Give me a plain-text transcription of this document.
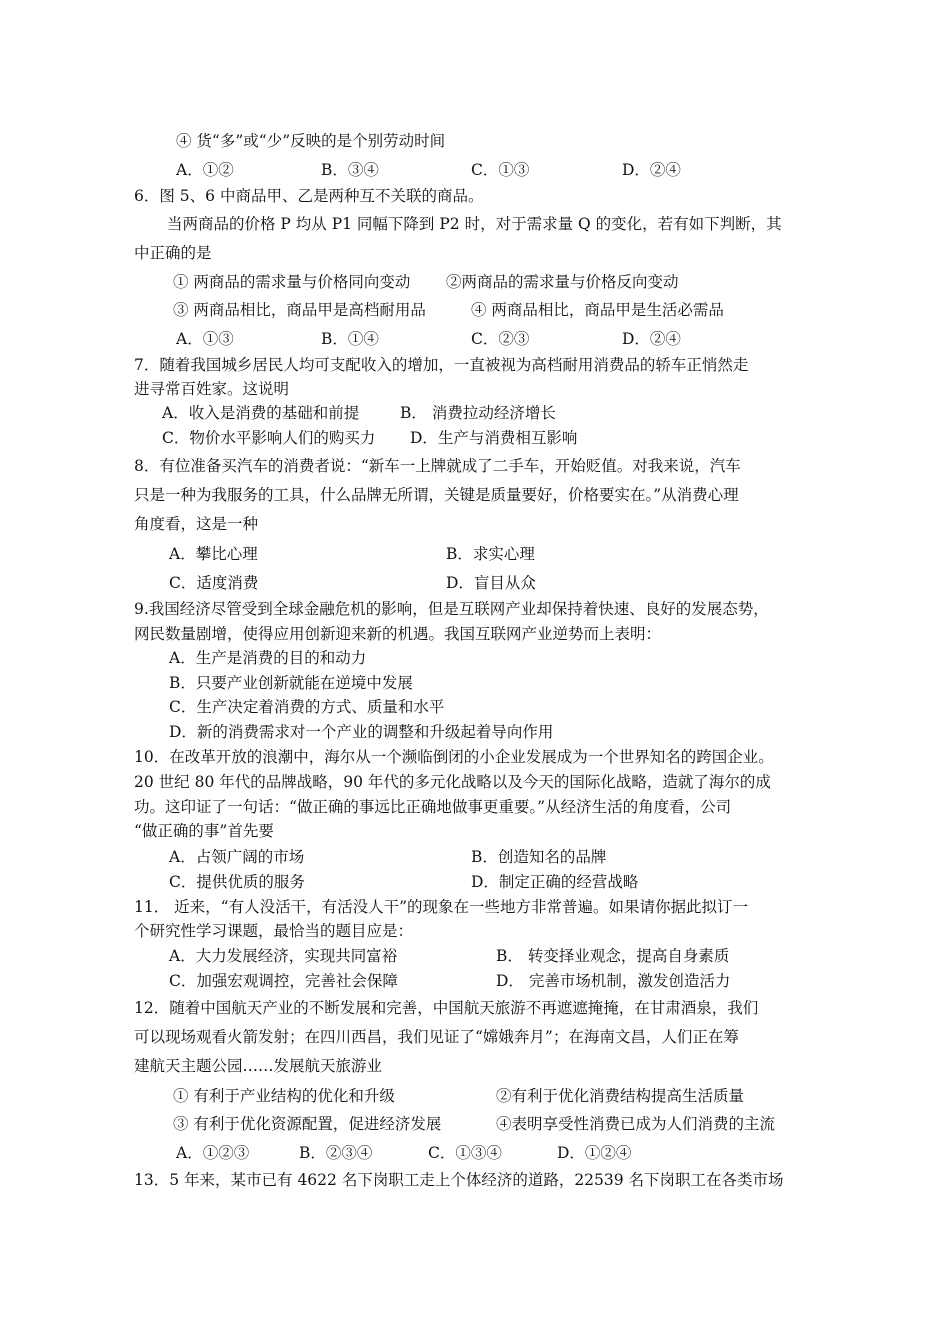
④ 货“多”或“少”反映的是个别劳动时间
A．①②	B．③④	C．①③	D．②④
6．图 5、6 中商品甲、乙是两种互不关联的商品。
当两商品的价格 P 均从 P1 同幅下降到 P2 时，对于需求量 Q 的变化，若有如下判断，其
中正确的是
① 两商品的需求量与价格同向变动 ②两商品的需求量与价格反向变动
③ 两商品相比，商品甲是高档耐用品	④ 两商品相比，商品甲是生活必需品
A．①③	B．①④	C．②③	D．②④
7．随着我国城乡居民人均可支配收入的增加，一直被视为高档耐用消费品的轿车正悄然走
进寻常百姓家。这说明
A．收入是消费的基础和前提	B． 消费拉动经济增长
C．物价水平影响人们的购买力 D．生产与消费相互影响
8．有位准备买汽车的消费者说：“新车一上牌就成了二手车，开始贬值。对我来说，汽车
只是一种为我服务的工具，什么品牌无所谓，关键是质量要好，价格要实在。”从消费心理
角度看，这是一种
A．攀比心理	B．求实心理
C．适度消费	D．盲目从众
9.我国经济尽管受到全球金融危机的影响，但是互联网产业却保持着快速、良好的发展态势，
网民数量剧增，使得应用创新迎来新的机遇。我国互联网产业逆势而上表明：
A．生产是消费的目的和动力
B．只要产业创新就能在逆境中发展
C．生产决定着消费的方式、质量和水平
D．新的消费需求对一个产业的调整和升级起着导向作用
10．在改革开放的浪潮中，海尔从一个濒临倒闭的小企业发展成为一个世界知名的跨国企业。
20 世纪 80 年代的品牌战略，90 年代的多元化战略以及今天的国际化战略，造就了海尔的成
功。这印证了一句话：“做正确的事远比正确地做事更重要。”从经济生活的角度看，公司
“做正确的事”首先要
A．占领广阔的市场	B．创造知名的品牌
C．提供优质的服务	D．制定正确的经营战略
11． 近来，“有人没活干，有活没人干”的现象在一些地方非常普遍。如果请你据此拟订一
个研究性学习课题，最恰当的题目应是：
A．大力发展经济，实现共同富裕	B． 转变择业观念，提高自身素质
C．加强宏观调控，完善社会保障	D． 完善市场机制，激发创造活力
12．随着中国航天产业的不断发展和完善，中国航天旅游不再遮遮掩掩，在甘肃酒泉，我们
可以现场观看火箭发射；在四川西昌，我们见证了“嫦娥奔月”；在海南文昌，人们正在筹
建航天主题公园……发展航天旅游业
① 有利于产业结构的优化和升级	②有利于优化消费结构提高生活质量
③ 有利于优化资源配置，促进经济发展	④表明享受性消费已成为人们消费的主流
A．①②③	B．②③④	C．①③④	D．①②④
13．5 年来，某市已有 4622 名下岗职工走上个体经济的道路，22539 名下岗职工在各类市场
